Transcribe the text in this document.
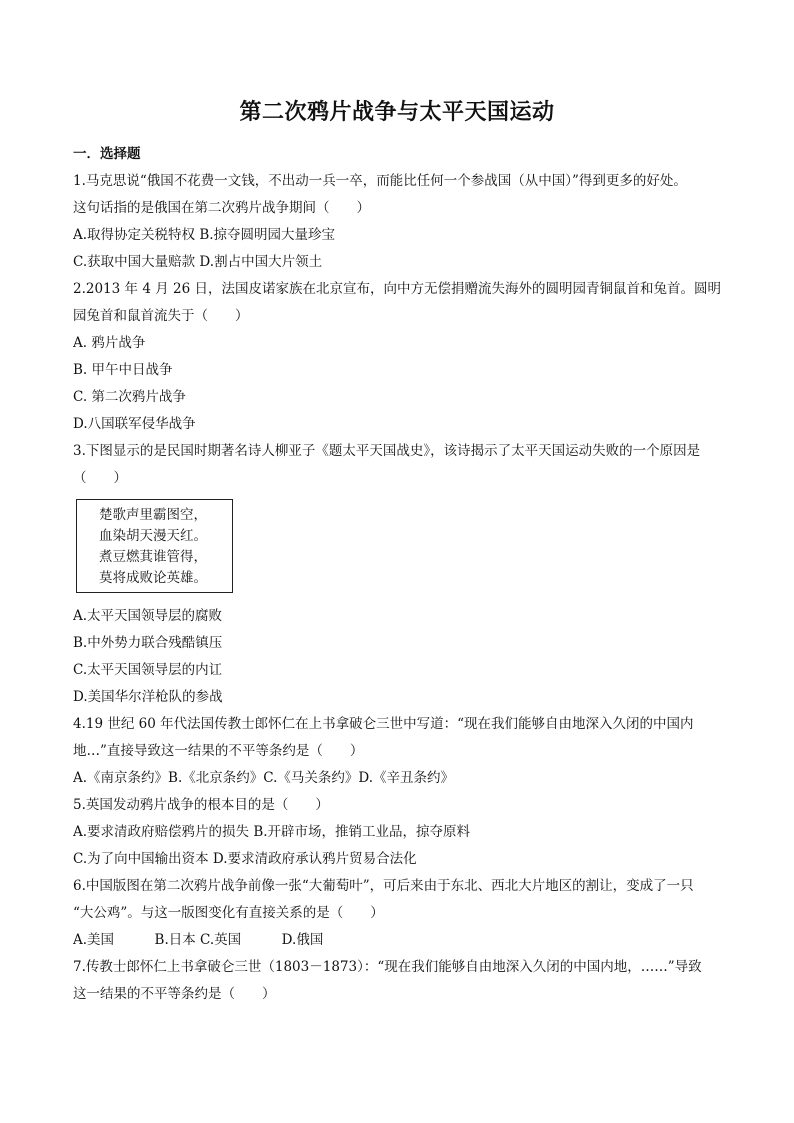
第二次鸦片战争与太平天国运动
一．选择题
1.马克思说“俄国不花费一文钱，不出动一兵一卒，而能比任何一个参战国（从中国）”得到更多的好处。
这句话指的是俄国在第二次鸦片战争期间（　　）
A.取得协定关税特权 B.掠夺圆明园大量珍宝
C.获取中国大量赔款 D.割占中国大片领土
2.2013 年 4 月 26 日，法国皮诺家族在北京宣布，向中方无偿捐赠流失海外的圆明园青铜鼠首和兔首。圆明
园兔首和鼠首流失于（　　）
A. 鸦片战争
B. 甲午中日战争
C. 第二次鸦片战争
D.八国联军侵华战争
3.下图显示的是民国时期著名诗人柳亚子《题太平天国战史》，该诗揭示了太平天国运动失败的一个原因是
（　　）
楚歌声里霸图空，
血染胡天漫天红。
煮豆燃萁谁管得，
莫将成败论英雄。
A.太平天国领导层的腐败
B.中外势力联合残酷镇压
C.太平天国领导层的内讧
D.美国华尔洋枪队的参战
4.19 世纪 60 年代法国传教士郎怀仁在上书拿破仑三世中写道：“现在我们能够自由地深入久闭的中国内
地…”直接导致这一结果的不平等条约是（　　）
A.《南京条约》B.《北京条约》C.《马关条约》D.《辛丑条约》
5.英国发动鸦片战争的根本目的是（　　）
A.要求清政府赔偿鸦片的损失 B.开辟市场，推销工业品，掠夺原料
C.为了向中国输出资本 D.要求清政府承认鸦片贸易合法化
6.中国版图在第二次鸦片战争前像一张“大葡萄叶”，可后来由于东北、西北大片地区的割让，变成了一只
“大公鸡”。与这一版图变化有直接关系的是（　　）
A.美国　　　B.日本 C.英国　　　D.俄国
7.传教士郎怀仁上书拿破仑三世（1803－1873）：“现在我们能够自由地深入久闭的中国内地，……”导致
这一结果的不平等条约是（　　）
